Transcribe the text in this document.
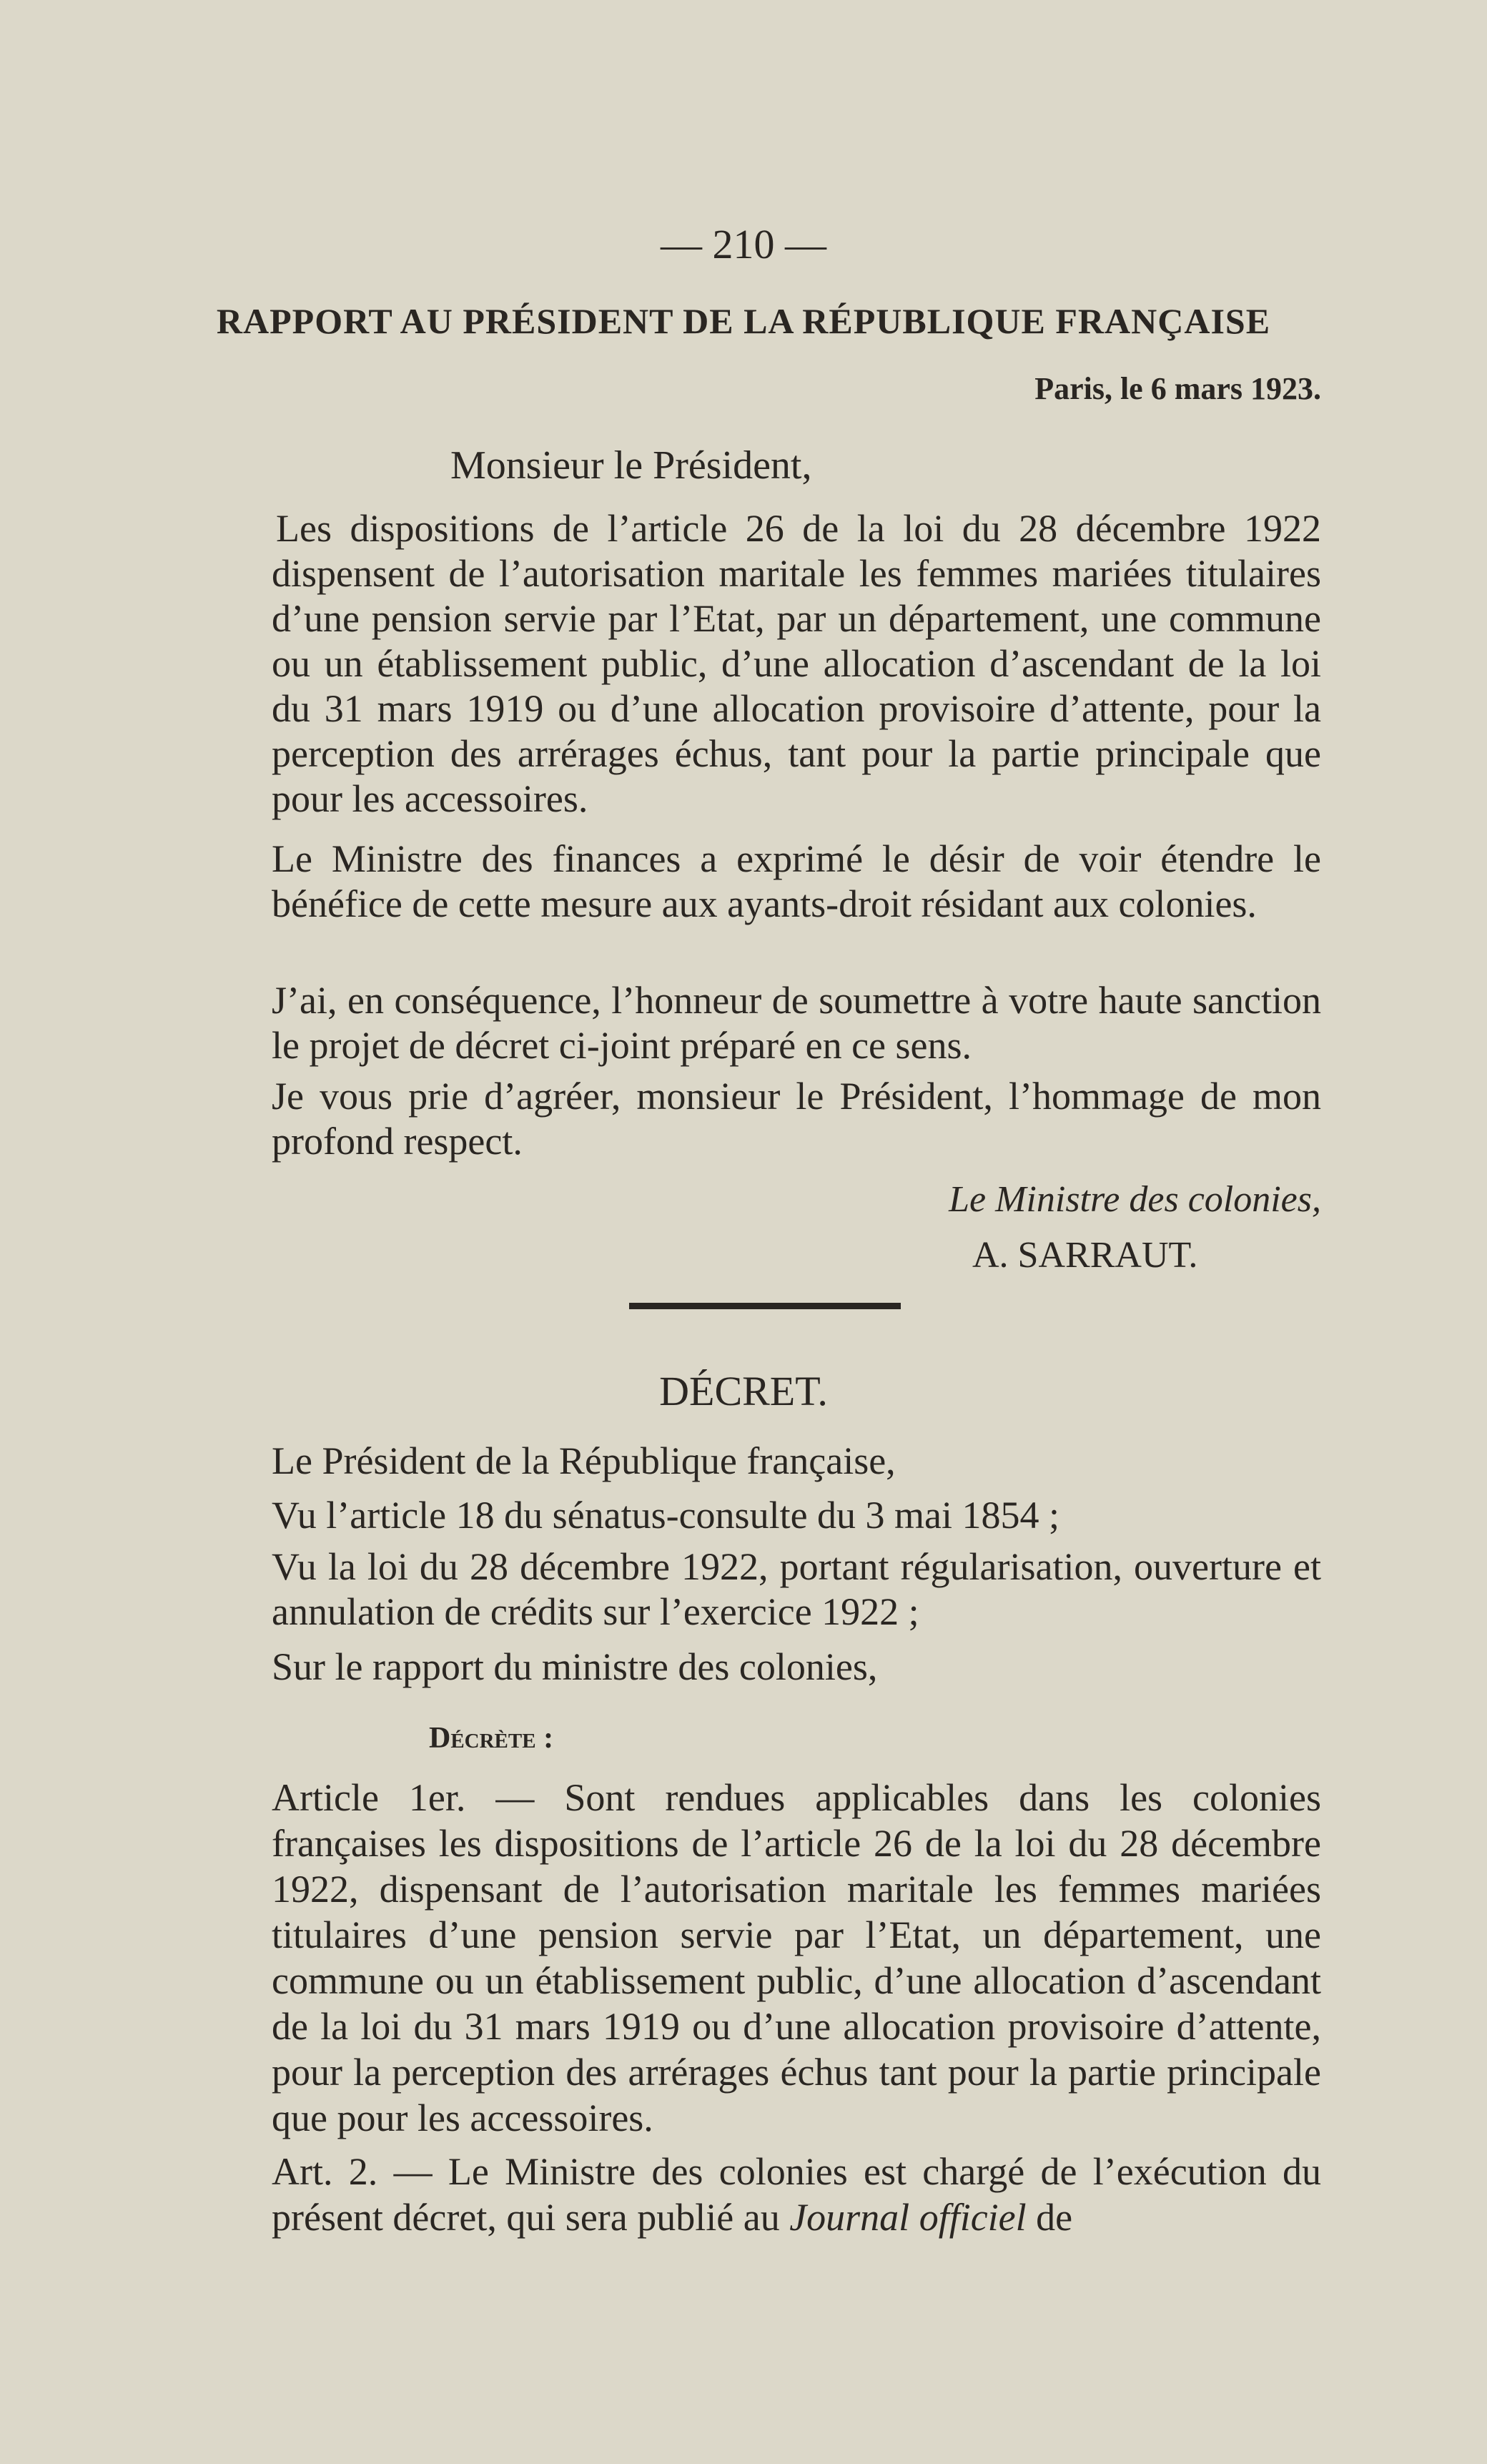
— 210 —

RAPPORT AU PRÉSIDENT DE LA RÉPUBLIQUE FRANÇAISE

Paris, le 6 mars 1923.

Monsieur le Président,

Les dispositions de l’article 26 de la loi du 28 décembre 1922 dispensent de l’autorisation maritale les femmes mariées titulaires d’une pension servie par l’Etat, par un département, une commune ou un établissement public, d’une allocation d’ascendant de la loi du 31 mars 1919 ou d’une allocation provisoire d’attente, pour la perception des arrérages échus, tant pour la partie principale que pour les accessoires.

Le Ministre des finances a exprimé le désir de voir étendre le bénéfice de cette mesure aux ayants-droit résidant aux colonies.

J’ai, en conséquence, l’honneur de soumettre à votre haute sanction le projet de décret ci-joint préparé en ce sens.

Je vous prie d’agréer, monsieur le Président, l’hommage de mon profond respect.

Le Ministre des colonies,

A. SARRAUT.

DÉCRET.

Le Président de la République française,

Vu l’article 18 du sénatus-consulte du 3 mai 1854 ;

Vu la loi du 28 décembre 1922, portant régularisation, ouverture et annulation de crédits sur l’exercice 1922 ;

Sur le rapport du ministre des colonies,

Décrète :

Article 1er. — Sont rendues applicables dans les colonies françaises les dispositions de l’article 26 de la loi du 28 décembre 1922, dispensant de l’autorisation maritale les femmes mariées titulaires d’une pension servie par l’Etat, un département, une commune ou un établissement public, d’une allocation d’ascendant de la loi du 31 mars 1919 ou d’une allocation provisoire d’attente, pour la perception des arrérages échus tant pour la partie principale que pour les accessoires.

Art. 2. — Le Ministre des colonies est chargé de l’exécution du présent décret, qui sera publié au Journal officiel de
